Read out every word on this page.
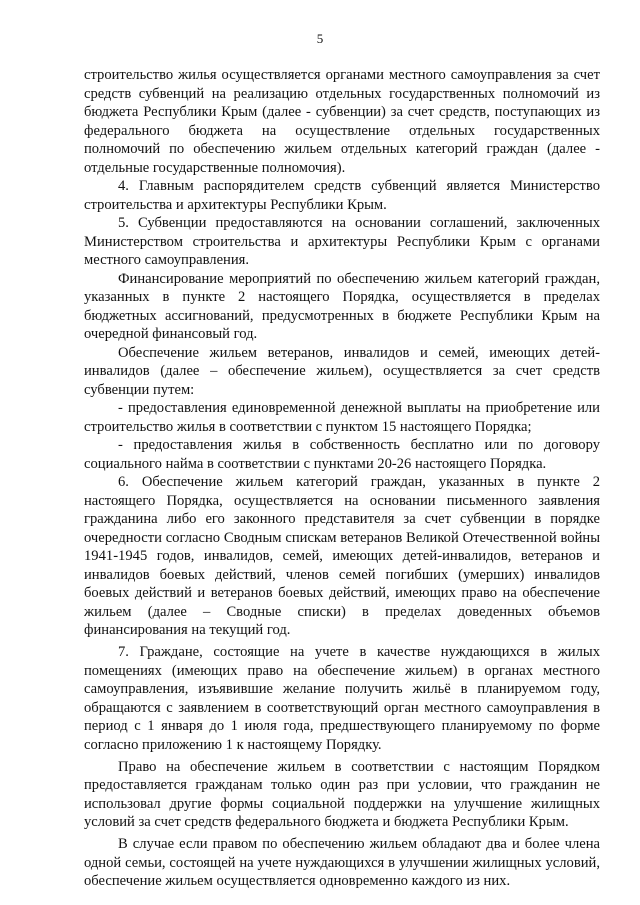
5

строительство жилья осуществляется органами местного самоуправления за счет средств субвенций на реализацию отдельных государственных полномочий из бюджета Республики Крым (далее - субвенции) за счет средств, поступающих из федерального бюджета на осуществление отдельных государственных полномочий по обеспечению жильем отдельных категорий граждан (далее - отдельные государственные полномочия).

4. Главным распорядителем средств субвенций является Министерство строительства и архитектуры Республики Крым.

5. Субвенции предоставляются на основании соглашений, заключенных Министерством строительства и архитектуры Республики Крым с органами местного самоуправления.

Финансирование мероприятий по обеспечению жильем категорий граждан, указанных в пункте 2 настоящего Порядка, осуществляется в пределах бюджетных ассигнований, предусмотренных в бюджете Республики Крым на очередной финансовый год.

Обеспечение жильем ветеранов, инвалидов и семей, имеющих детей-инвалидов (далее – обеспечение жильем), осуществляется за счет средств субвенции путем:

- предоставления единовременной денежной выплаты на приобретение или строительство жилья в соответствии с пунктом 15 настоящего Порядка;

- предоставления жилья в собственность бесплатно или по договору социального найма в соответствии с пунктами 20-26 настоящего Порядка.

6. Обеспечение жильем категорий граждан, указанных в пункте 2 настоящего Порядка, осуществляется на основании письменного заявления гражданина либо его законного представителя за счет субвенции в порядке очередности согласно Сводным спискам ветеранов Великой Отечественной войны 1941-1945 годов, инвалидов, семей, имеющих детей-инвалидов, ветеранов и инвалидов боевых действий, членов семей погибших (умерших) инвалидов боевых действий и ветеранов боевых действий, имеющих право на обеспечение жильем (далее – Сводные списки) в пределах доведенных объемов финансирования на текущий год.

7. Граждане, состоящие на учете в качестве нуждающихся в жилых помещениях (имеющих право на обеспечение жильем) в органах местного самоуправления, изъявившие желание получить жильё в планируемом году, обращаются с заявлением в соответствующий орган местного самоуправления в период с 1 января до 1 июля года, предшествующего планируемому по форме согласно приложению 1 к настоящему Порядку.

Право на обеспечение жильем в соответствии с настоящим Порядком предоставляется гражданам только один раз при условии, что гражданин не использовал другие формы социальной поддержки на улучшение жилищных условий за счет средств федерального бюджета и бюджета Республики Крым.

В случае если правом по обеспечению жильем обладают два и более члена одной семьи, состоящей на учете нуждающихся в улучшении жилищных условий, обеспечение жильем осуществляется одновременно каждого из них.
